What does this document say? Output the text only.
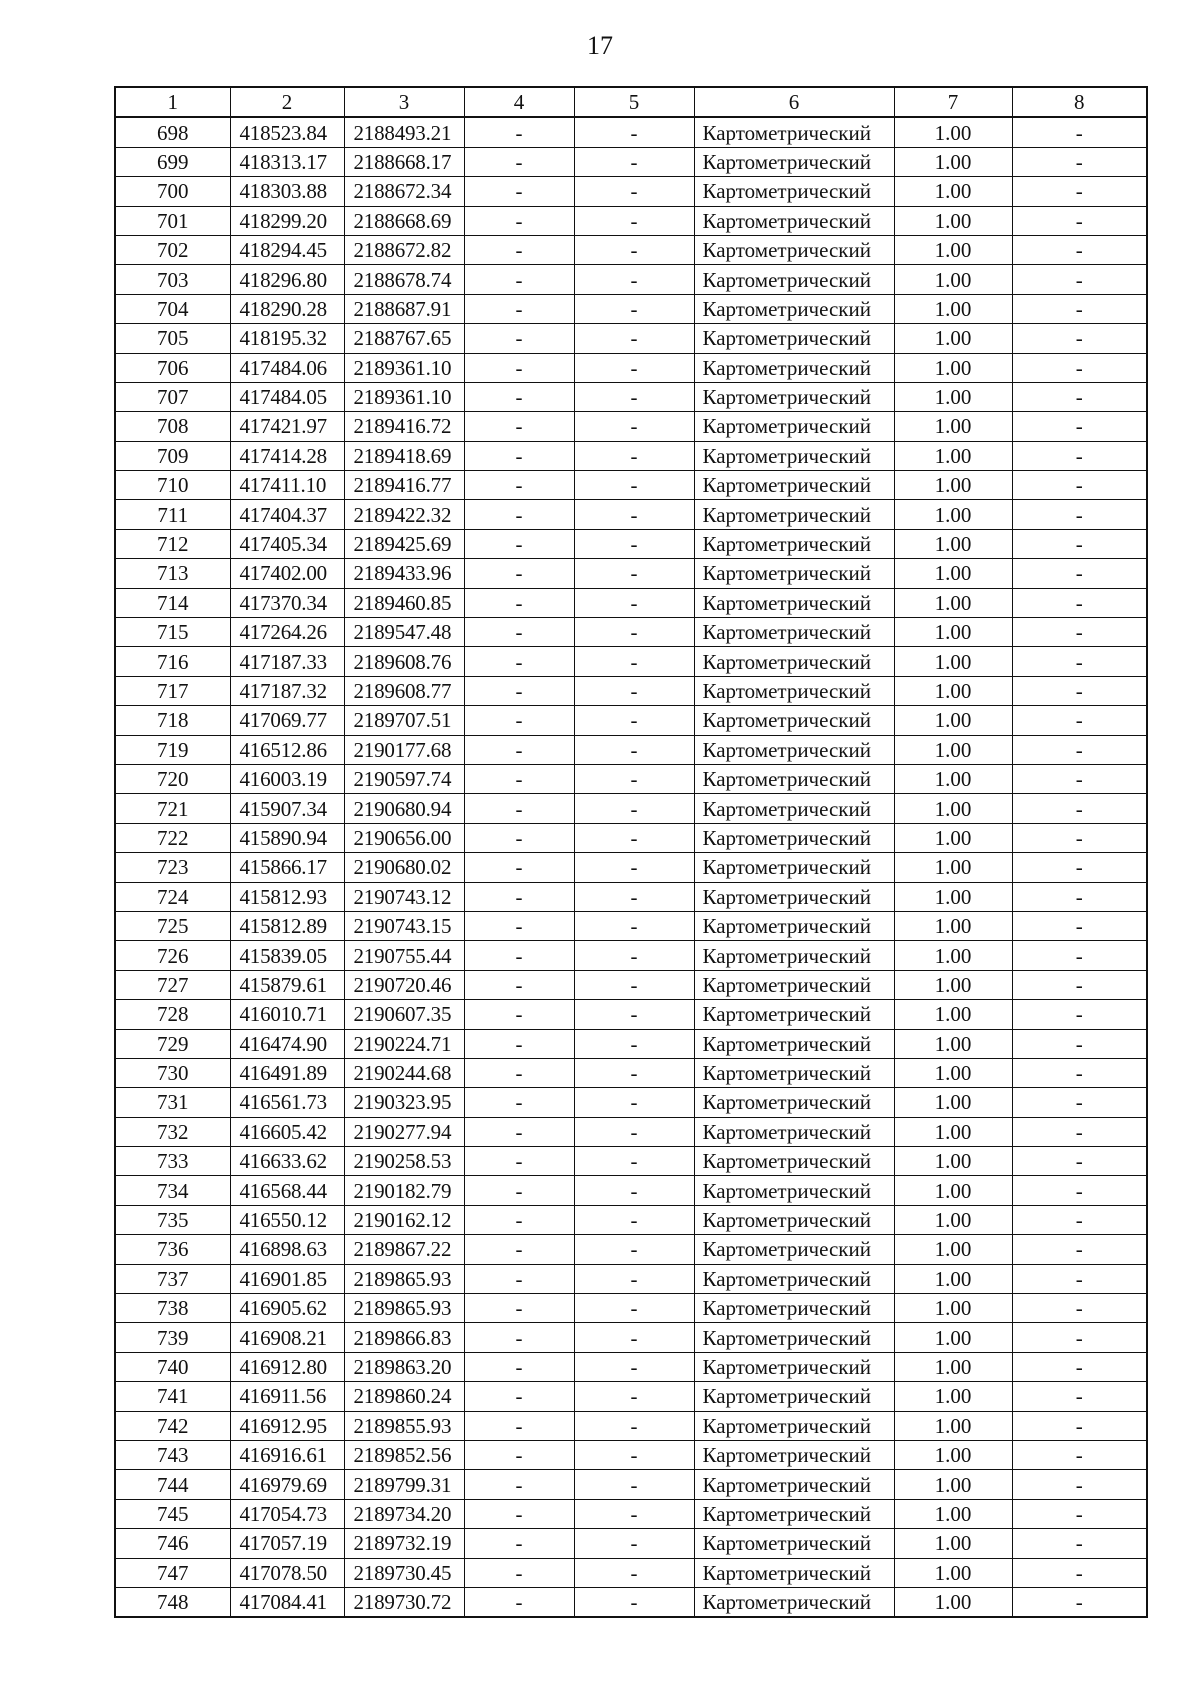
17
1	2	3	4	5	6	7	8
698	418523.84	2188493.21	-	-	Картометрический	1.00	-
699	418313.17	2188668.17	-	-	Картометрический	1.00	-
700	418303.88	2188672.34	-	-	Картометрический	1.00	-
701	418299.20	2188668.69	-	-	Картометрический	1.00	-
702	418294.45	2188672.82	-	-	Картометрический	1.00	-
703	418296.80	2188678.74	-	-	Картометрический	1.00	-
704	418290.28	2188687.91	-	-	Картометрический	1.00	-
705	418195.32	2188767.65	-	-	Картометрический	1.00	-
706	417484.06	2189361.10	-	-	Картометрический	1.00	-
707	417484.05	2189361.10	-	-	Картометрический	1.00	-
708	417421.97	2189416.72	-	-	Картометрический	1.00	-
709	417414.28	2189418.69	-	-	Картометрический	1.00	-
710	417411.10	2189416.77	-	-	Картометрический	1.00	-
711	417404.37	2189422.32	-	-	Картометрический	1.00	-
712	417405.34	2189425.69	-	-	Картометрический	1.00	-
713	417402.00	2189433.96	-	-	Картометрический	1.00	-
714	417370.34	2189460.85	-	-	Картометрический	1.00	-
715	417264.26	2189547.48	-	-	Картометрический	1.00	-
716	417187.33	2189608.76	-	-	Картометрический	1.00	-
717	417187.32	2189608.77	-	-	Картометрический	1.00	-
718	417069.77	2189707.51	-	-	Картометрический	1.00	-
719	416512.86	2190177.68	-	-	Картометрический	1.00	-
720	416003.19	2190597.74	-	-	Картометрический	1.00	-
721	415907.34	2190680.94	-	-	Картометрический	1.00	-
722	415890.94	2190656.00	-	-	Картометрический	1.00	-
723	415866.17	2190680.02	-	-	Картометрический	1.00	-
724	415812.93	2190743.12	-	-	Картометрический	1.00	-
725	415812.89	2190743.15	-	-	Картометрический	1.00	-
726	415839.05	2190755.44	-	-	Картометрический	1.00	-
727	415879.61	2190720.46	-	-	Картометрический	1.00	-
728	416010.71	2190607.35	-	-	Картометрический	1.00	-
729	416474.90	2190224.71	-	-	Картометрический	1.00	-
730	416491.89	2190244.68	-	-	Картометрический	1.00	-
731	416561.73	2190323.95	-	-	Картометрический	1.00	-
732	416605.42	2190277.94	-	-	Картометрический	1.00	-
733	416633.62	2190258.53	-	-	Картометрический	1.00	-
734	416568.44	2190182.79	-	-	Картометрический	1.00	-
735	416550.12	2190162.12	-	-	Картометрический	1.00	-
736	416898.63	2189867.22	-	-	Картометрический	1.00	-
737	416901.85	2189865.93	-	-	Картометрический	1.00	-
738	416905.62	2189865.93	-	-	Картометрический	1.00	-
739	416908.21	2189866.83	-	-	Картометрический	1.00	-
740	416912.80	2189863.20	-	-	Картометрический	1.00	-
741	416911.56	2189860.24	-	-	Картометрический	1.00	-
742	416912.95	2189855.93	-	-	Картометрический	1.00	-
743	416916.61	2189852.56	-	-	Картометрический	1.00	-
744	416979.69	2189799.31	-	-	Картометрический	1.00	-
745	417054.73	2189734.20	-	-	Картометрический	1.00	-
746	417057.19	2189732.19	-	-	Картометрический	1.00	-
747	417078.50	2189730.45	-	-	Картометрический	1.00	-
748	417084.41	2189730.72	-	-	Картометрический	1.00	-
